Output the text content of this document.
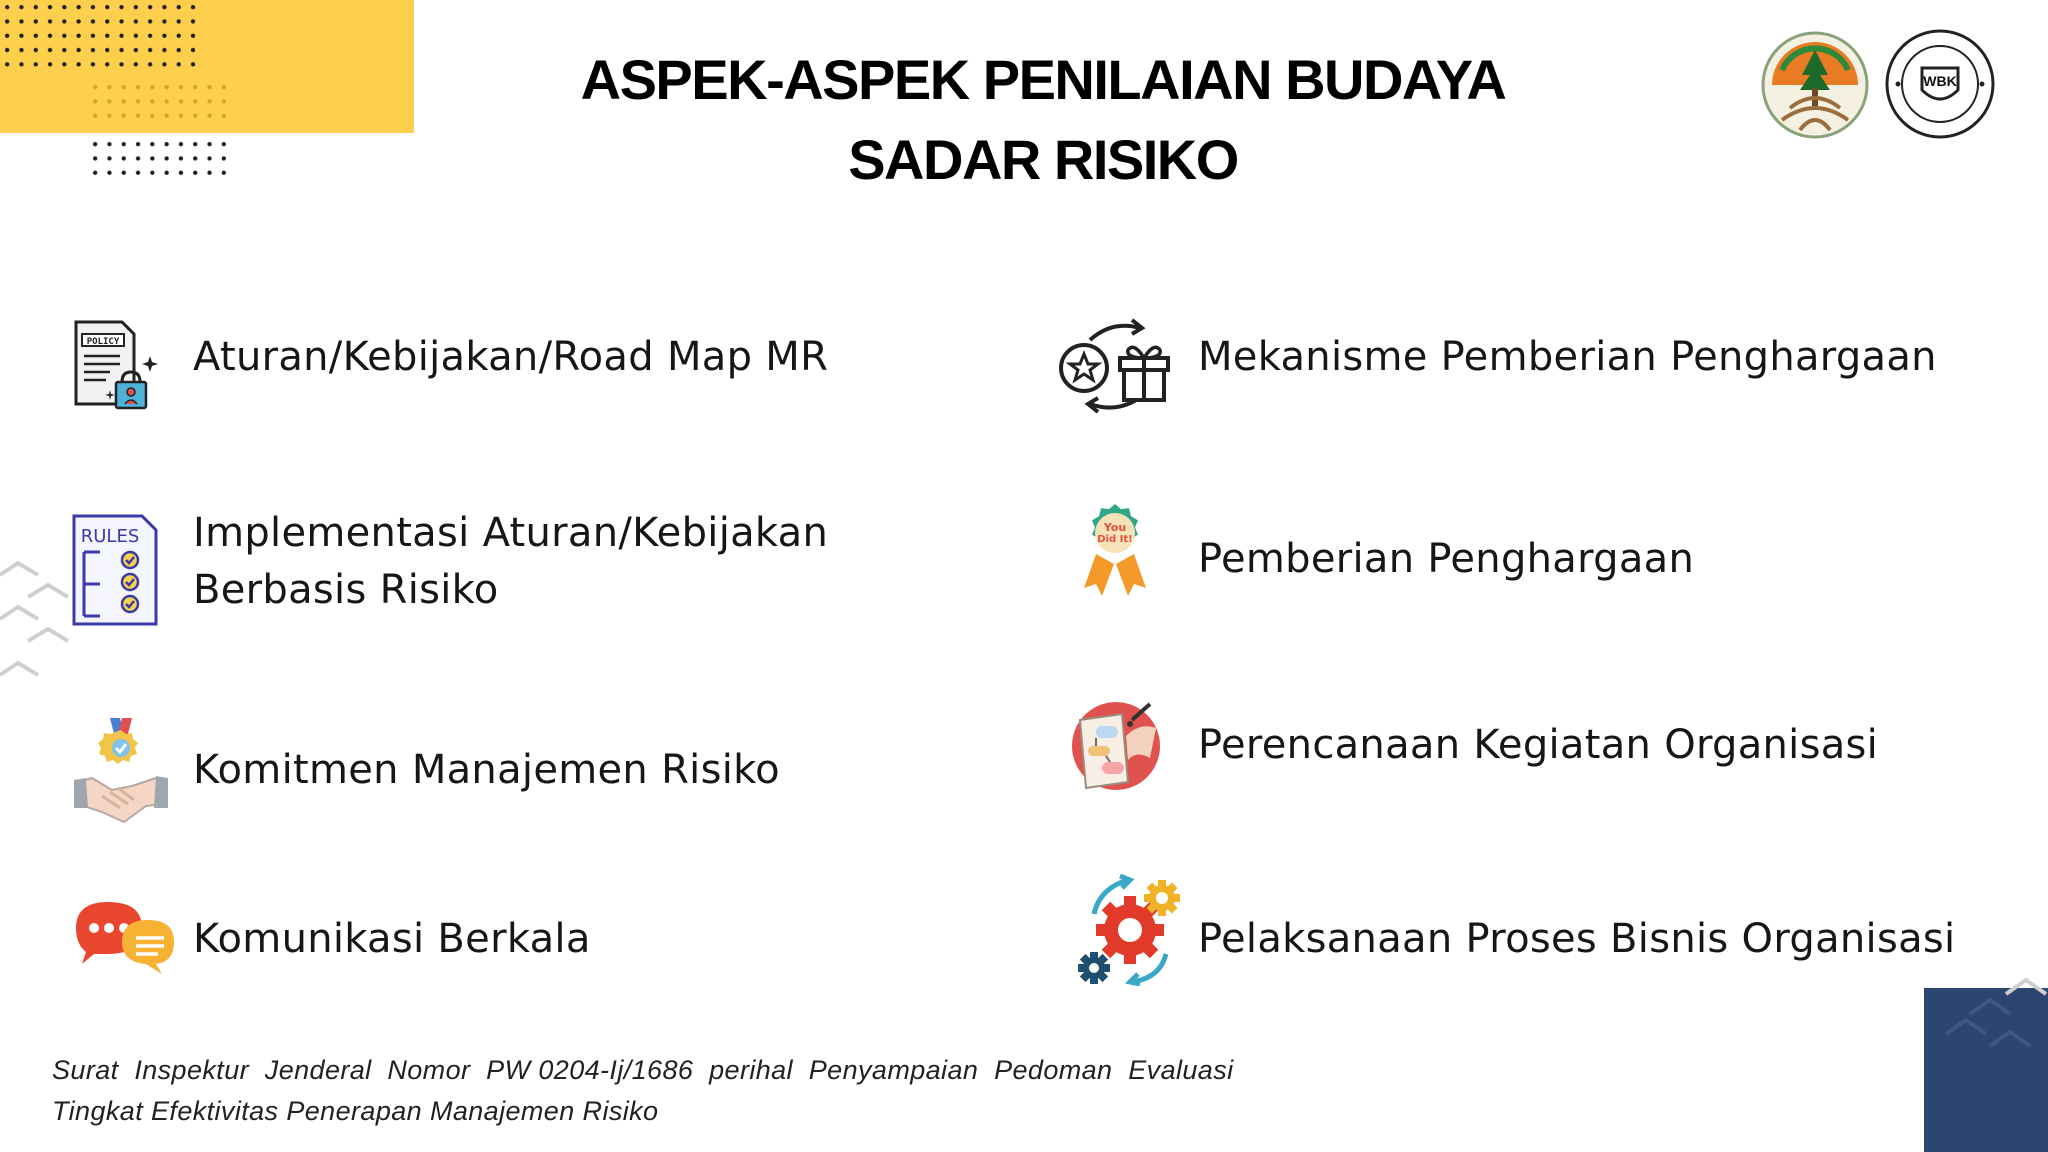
ASPEK-ASPEK PENILAIAN BUDAYA
SADAR RISIKO
WBK
POLICY Aturan/Kebijakan/Road Map MR
RULES Implementasi Aturan/Kebijakan
Berbasis Risiko
Komitmen Manajemen Risiko
Komunikasi Berkala
Mekanisme Pemberian Penghargaan
You
Did It! Pemberian Penghargaan
Perencanaan Kegiatan Organisasi
Pelaksanaan Proses Bisnis Organisasi
Surat  Inspektur  Jenderal  Nomor  PW 0204-Ij/1686  perihal  Penyampaian  Pedoman  Evaluasi
Tingkat Efektivitas Penerapan Manajemen Risiko
